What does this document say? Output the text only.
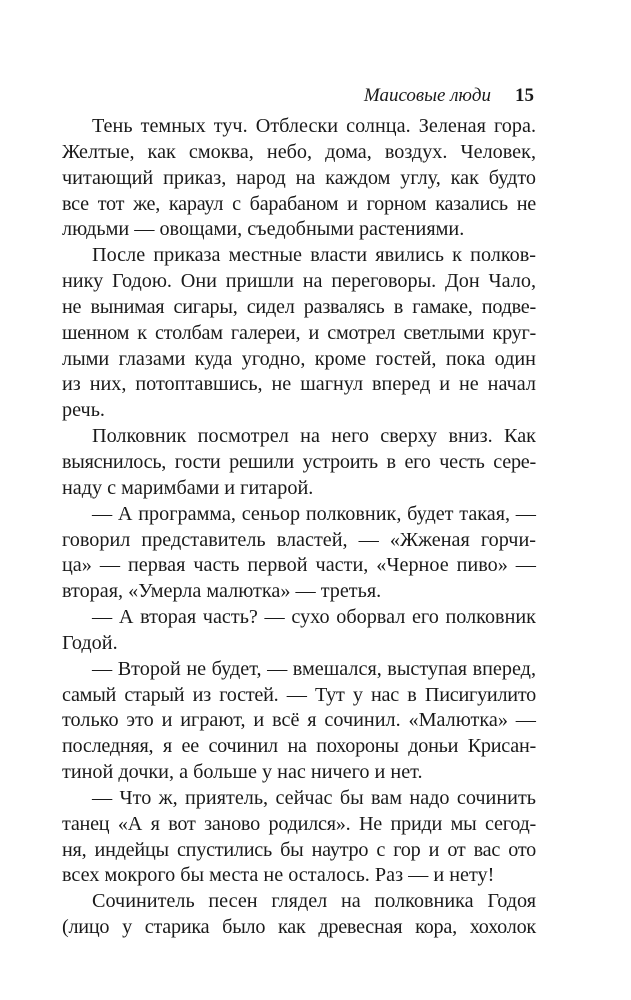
Маисовые люди 15

Тень темных туч. Отблески солнца. Зеленая гора.
Желтые, как смоква, небо, дома, воздух. Человек,
читающий приказ, народ на каждом углу, как будто
все тот же, караул с барабаном и горном казались не
людьми — овощами, съедобными растениями.

После приказа местные власти явились к полков-
нику Годою. Они пришли на переговоры. Дон Чало,
не вынимая сигары, сидел развалясь в гамаке, подве-
шенном к столбам галереи, и смотрел светлыми круг-
лыми глазами куда угодно, кроме гостей, пока один
из них, потоптавшись, не шагнул вперед и не начал
речь.

Полковник посмотрел на него сверху вниз. Как
выяснилось, гости решили устроить в его честь сере-
наду с маримбами и гитарой.

— А программа, сеньор полковник, будет такая, —
говорил представитель властей, — «Жженая горчи-
ца» — первая часть первой части, «Черное пиво» —
вторая, «Умерла малютка» — третья.

— А вторая часть? — сухо оборвал его полковник
Годой.

— Второй не будет, — вмешался, выступая вперед,
самый старый из гостей. — Тут у нас в Писигуилито
только это и играют, и всё я сочинил. «Малютка» —
последняя, я ее сочинил на похороны доньи Крисан-
тиной дочки, а больше у нас ничего и нет.

— Что ж, приятель, сейчас бы вам надо сочинить
танец «А я вот заново родился». Не приди мы сегод-
ня, индейцы спустились бы наутро с гор и от вас ото
всех мокрого бы места не осталось. Раз — и нету!

Сочинитель песен глядел на полковника Годоя
(лицо у старика было как древесная кора, хохолок
